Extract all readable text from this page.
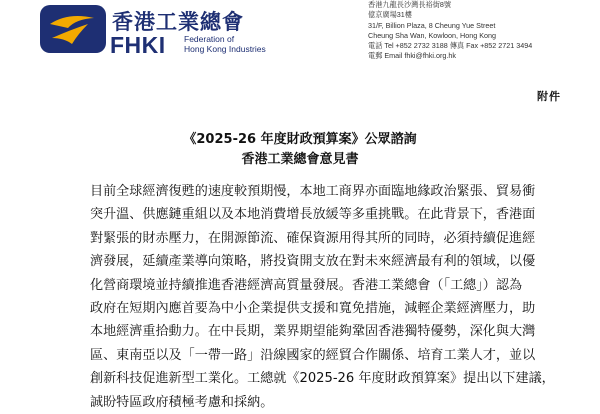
香港工業總會
FHKI Federation of
Hong Kong Industries
香港九龍長沙灣長裕街8號
億京廣場31樓
31/F, Billion Plaza, 8 Cheung Yue Street
Cheung Sha Wan, Kowloon, Hong Kong
電話 Tel +852 2732 3188 傳真 Fax +852 2721 3494
電郵 Email fhki@fhki.org.hk
附件
《2025-26 年度財政預算案》公眾諮詢
香港工業總會意見書
目前全球經濟復甦的速度較預期慢，本地工商界亦面臨地緣政治緊張、貿易衝
突升溫、供應鏈重組以及本地消費增長放緩等多重挑戰。在此背景下，香港面
對緊張的財赤壓力，在開源節流、確保資源用得其所的同時，必須持續促進經
濟發展，延續產業導向策略，將投資開支放在對未來經濟最有利的領域，以優
化營商環境並持續推進香港經濟高質量發展。香港工業總會（「工總」）認為
政府在短期內應首要為中小企業提供支援和寬免措施，減輕企業經濟壓力，助
本地經濟重拾動力。在中長期，業界期望能夠鞏固香港獨特優勢，深化與大灣
區、東南亞以及「一帶一路」沿線國家的經貿合作關係、培育工業人才，並以
創新科技促進新型工業化。工總就《2025-26 年度財政預算案》提出以下建議，
誠盼特區政府積極考慮和採納。
